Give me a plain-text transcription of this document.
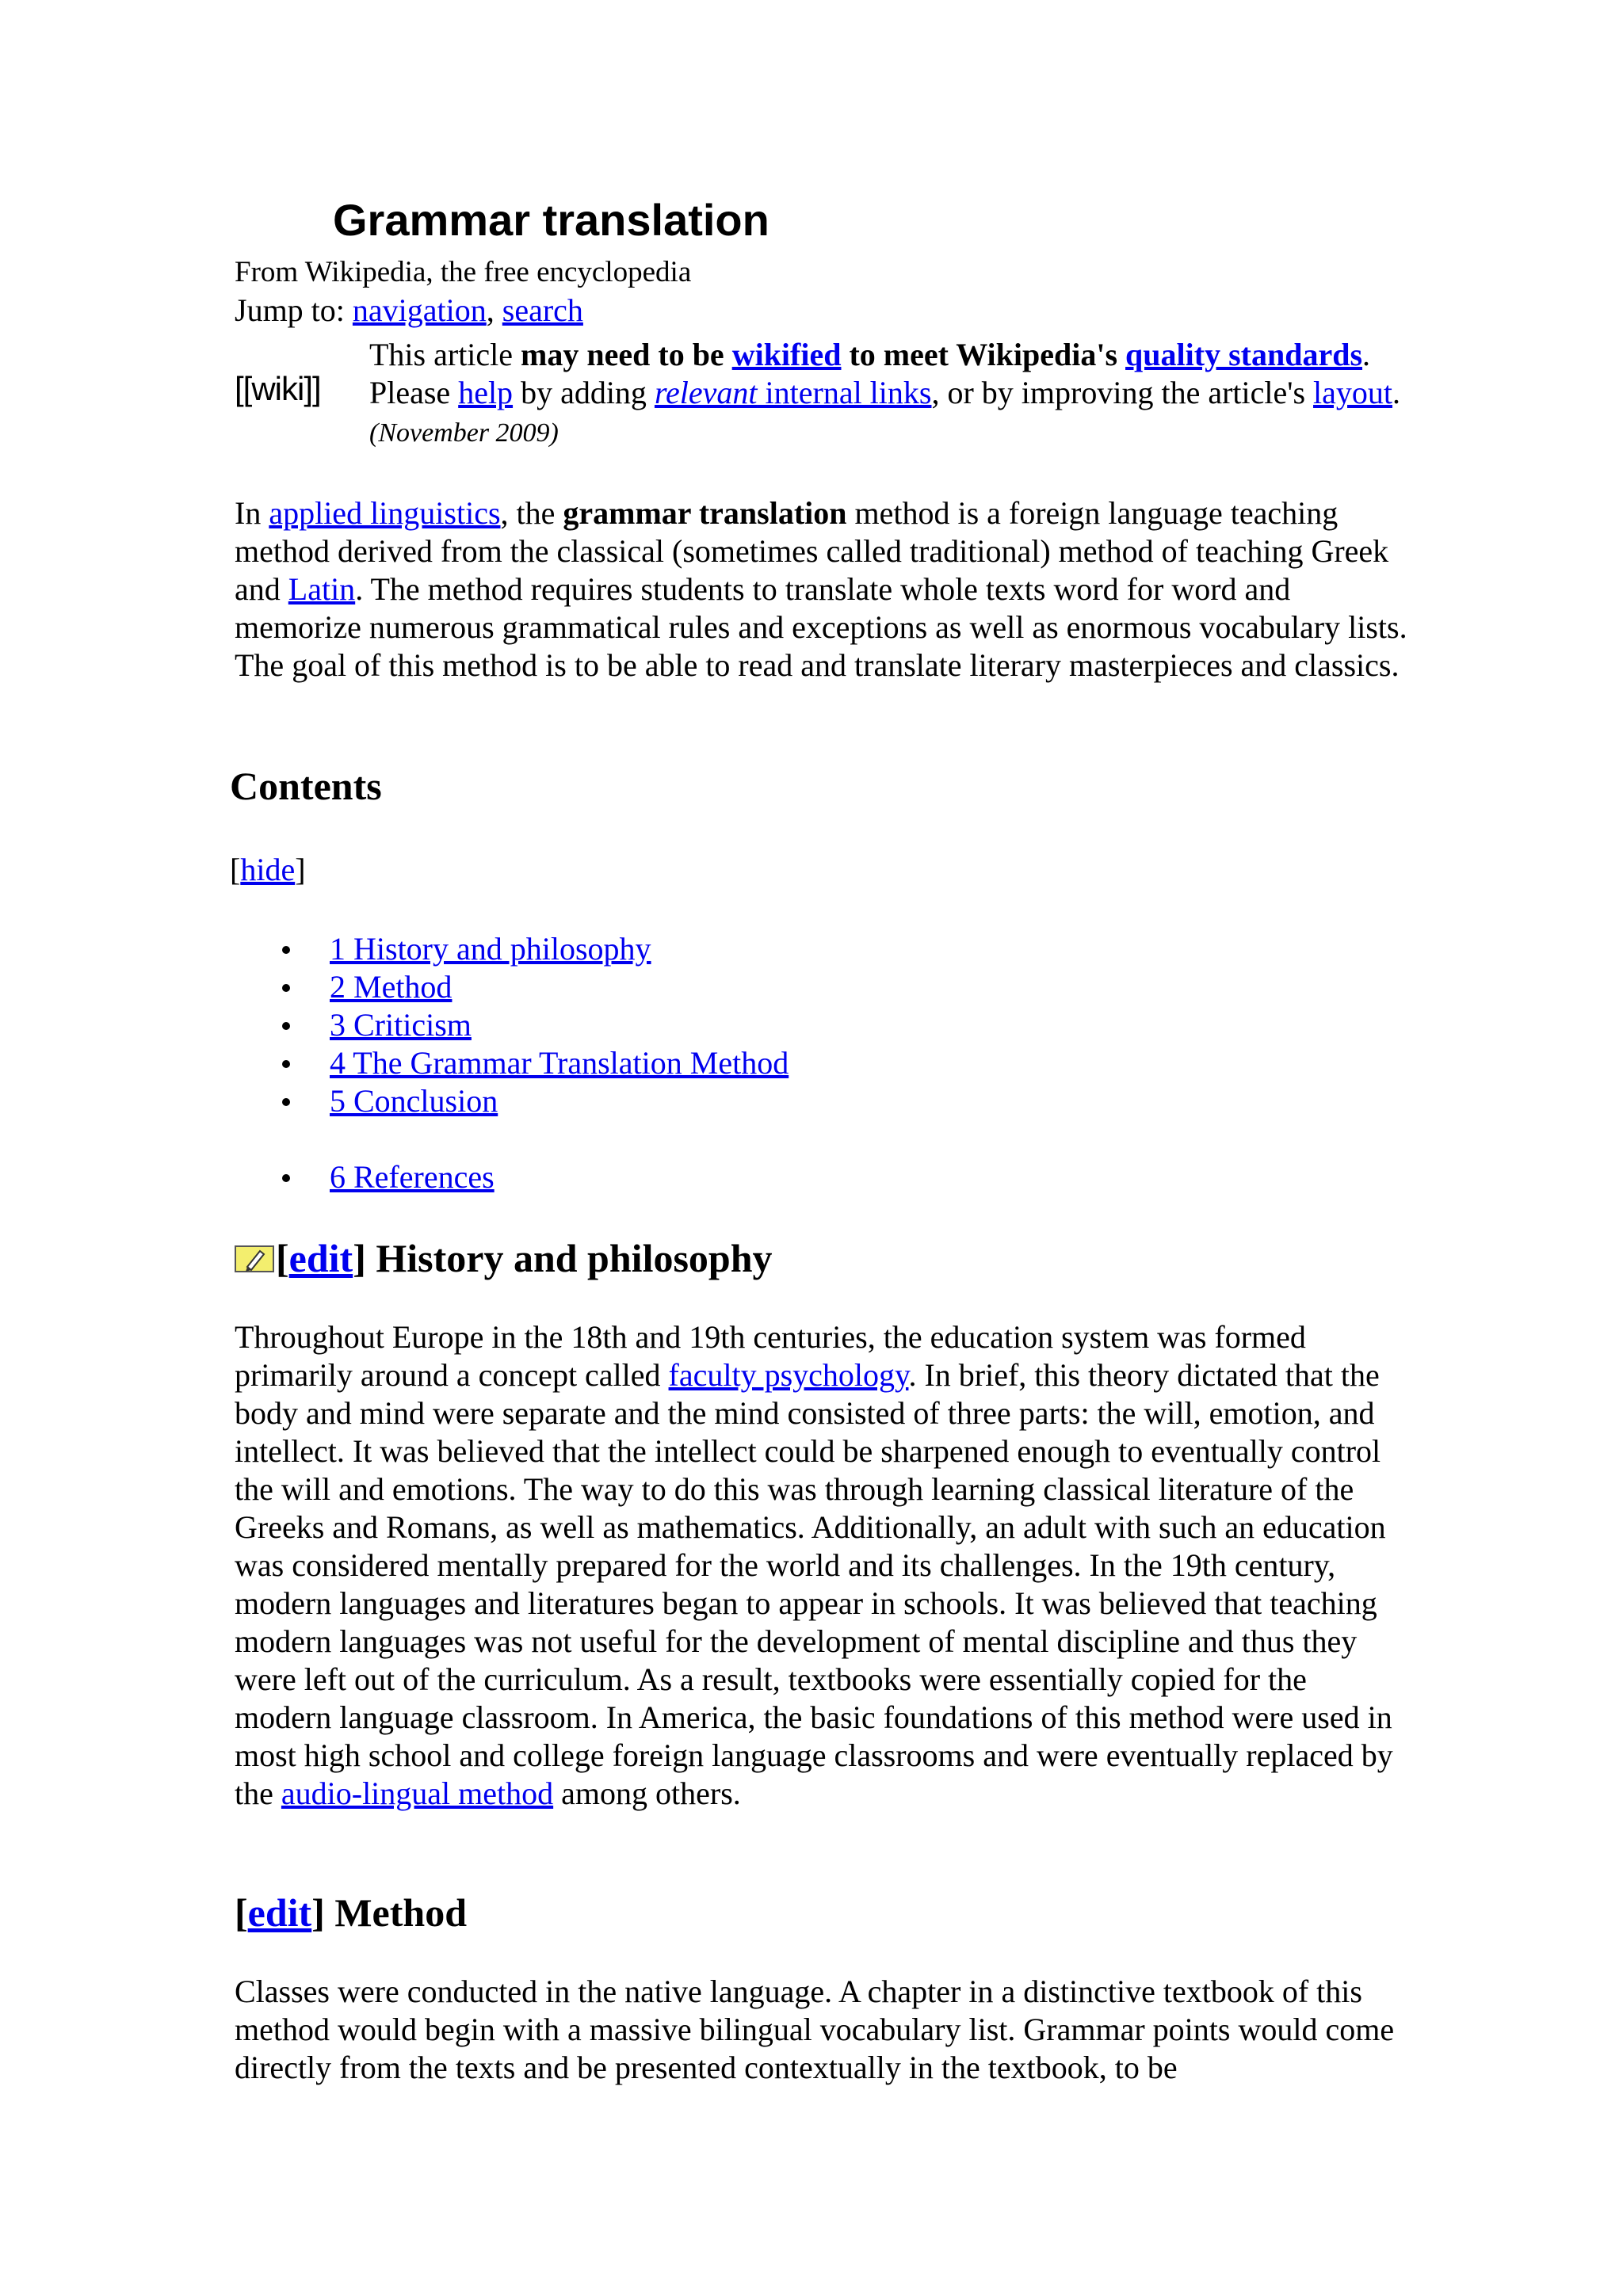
Grammar translation
From Wikipedia, the free encyclopedia
Jump to: navigation, search
[[wiki]]
This article may need to be wikified to meet Wikipedia's quality standards. Please help by adding relevant internal links, or by improving the article's layout. (November 2009)

In applied linguistics, the grammar translation method is a foreign language teaching method derived from the classical (sometimes called traditional) method of teaching Greek and Latin. The method requires students to translate whole texts word for word and memorize numerous grammatical rules and exceptions as well as enormous vocabulary lists. The goal of this method is to be able to read and translate literary masterpieces and classics.

Contents
[hide]
1 History and philosophy
2 Method
3 Criticism
4 The Grammar Translation Method
5 Conclusion
6 References
[edit] History and philosophy

Throughout Europe in the 18th and 19th centuries, the education system was formed primarily around a concept called faculty psychology. In brief, this theory dictated that the body and mind were separate and the mind consisted of three parts: the will, emotion, and intellect. It was believed that the intellect could be sharpened enough to eventually control the will and emotions. The way to do this was through learning classical literature of the Greeks and Romans, as well as mathematics. Additionally, an adult with such an education was considered mentally prepared for the world and its challenges. In the 19th century, modern languages and literatures began to appear in schools. It was believed that teaching modern languages was not useful for the development of mental discipline and thus they were left out of the curriculum. As a result, textbooks were essentially copied for the modern language classroom. In America, the basic foundations of this method were used in most high school and college foreign language classrooms and were eventually replaced by the audio-lingual method among others.

[edit] Method

Classes were conducted in the native language. A chapter in a distinctive textbook of this method would begin with a massive bilingual vocabulary list. Grammar points would come directly from the texts and be presented contextually in the textbook, to be
